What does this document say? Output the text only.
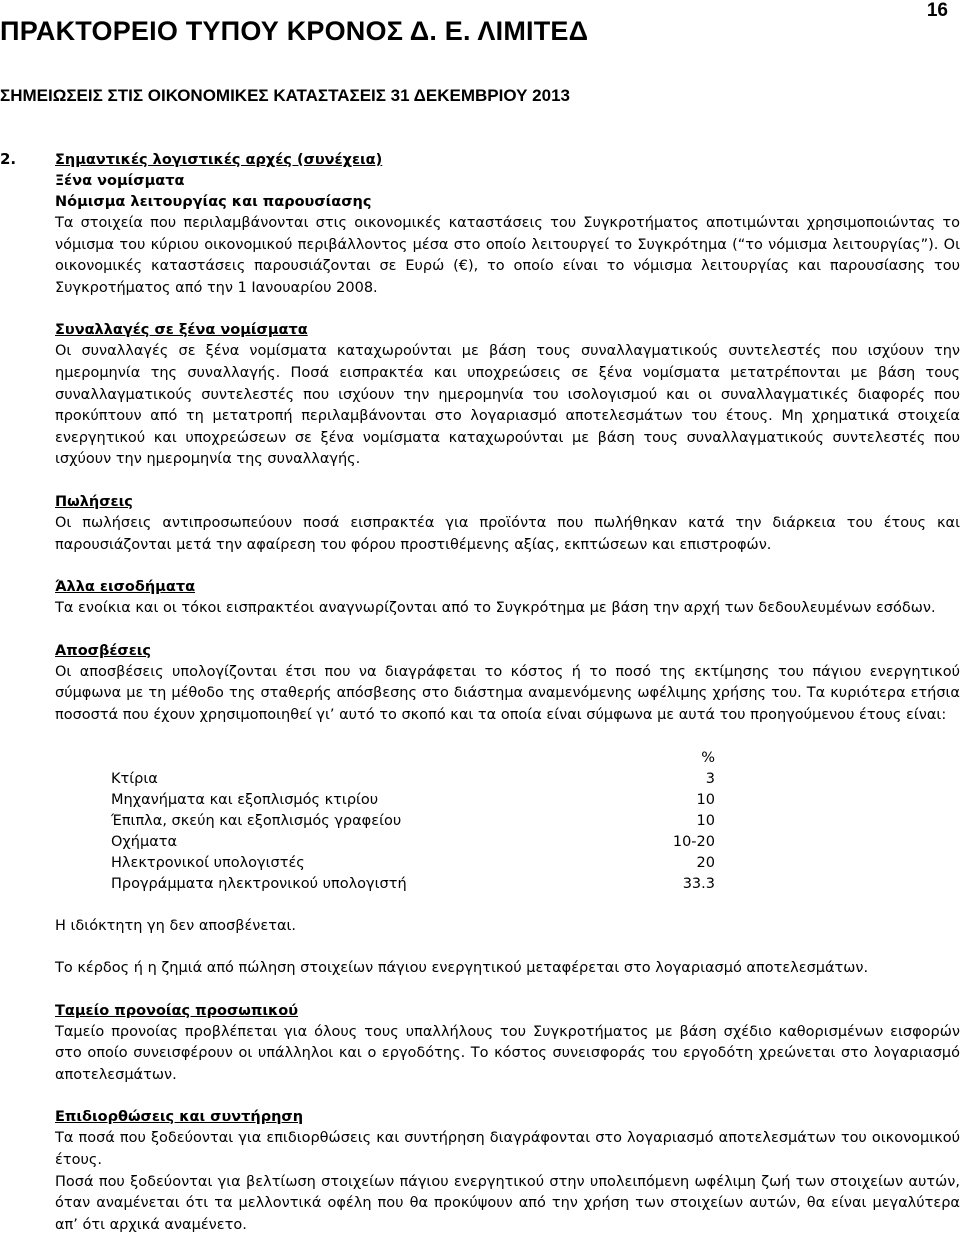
ΠΡΑΚΤΟΡΕΙΟ ΤΥΠΟΥ ΚΡΟΝΟΣ Δ. Ε. ΛΙΜΙΤΕΔ
16
ΣΗΜΕΙΩΣΕΙΣ ΣΤΙΣ ΟΙΚΟΝΟΜΙΚΕΣ ΚΑΤΑΣΤΑΣΕΙΣ 31 ΔΕΚΕΜΒΡΙΟΥ 2013
2.	Σημαντικές λογιστικές αρχές (συνέχεια)
Ξένα νομίσματα
Νόμισμα λειτουργίας και παρουσίασης

Τα στοιχεία που περιλαμβάνονται στις οικονομικές καταστάσεις του Συγκροτήματος αποτιμώνται χρησιμοποιώντας το νόμισμα του κύριου οικονομικού περιβάλλοντος μέσα στο οποίο λειτουργεί το Συγκρότημα (“το νόμισμα λειτουργίας”). Οι οικονομικές καταστάσεις παρουσιάζονται σε Ευρώ (€), το οποίο είναι το νόμισμα λειτουργίας και παρουσίασης του Συγκροτήματος από την 1 Ιανουαρίου 2008.

Συναλλαγές σε ξένα νομίσματα

Οι συναλλαγές σε ξένα νομίσματα καταχωρούνται με βάση τους συναλλαγματικούς συντελεστές που ισχύουν την ημερομηνία της συναλλαγής. Ποσά εισπρακτέα και υποχρεώσεις σε ξένα νομίσματα μετατρέπονται με βάση τους συναλλαγματικούς συντελεστές που ισχύουν την ημερομηνία του ισολογισμού και οι συναλλαγματικές διαφορές που προκύπτουν από τη μετατροπή περιλαμβάνονται στο λογαριασμό αποτελεσμάτων του έτους. Μη χρηματικά στοιχεία ενεργητικού και υποχρεώσεων σε ξένα νομίσματα καταχωρούνται με βάση τους συναλλαγματικούς συντελεστές που ισχύουν την ημερομηνία της συναλλαγής.

Πωλήσεις

Οι πωλήσεις αντιπροσωπεύουν ποσά εισπρακτέα για προϊόντα που πωλήθηκαν κατά την διάρκεια του έτους και παρουσιάζονται μετά την αφαίρεση του φόρου προστιθέμενης αξίας, εκπτώσεων και επιστροφών.

Άλλα εισοδήματα

Τα ενοίκια και οι τόκοι εισπρακτέοι αναγνωρίζονται από το Συγκρότημα με βάση την αρχή των δεδουλευμένων εσόδων.

Αποσβέσεις

Οι αποσβέσεις υπολογίζονται έτσι που να διαγράφεται το κόστος ή το ποσό της εκτίμησης του πάγιου ενεργητικού σύμφωνα με τη μέθοδο της σταθερής απόσβεσης στο διάστημα αναμενόμενης ωφέλιμης χρήσης του. Τα κυριότερα ετήσια ποσοστά που έχουν χρησιμοποιηθεί γι’ αυτό το σκοπό και τα οποία είναι σύμφωνα με αυτά του προηγούμενου έτους είναι:

%
Κτίρια	3
Μηχανήματα και εξοπλισμός κτιρίου	10
Έπιπλα, σκεύη και εξοπλισμός γραφείου	10
Οχήματα	10-20
Ηλεκτρονικοί υπολογιστές	20
Προγράμματα ηλεκτρονικού υπολογιστή	33.3

Η ιδιόκτητη γη δεν αποσβένεται.

Το κέρδος ή η ζημιά από πώληση στοιχείων πάγιου ενεργητικού μεταφέρεται στο λογαριασμό αποτελεσμάτων.

Ταμείο προνοίας προσωπικού

Ταμείο προνοίας προβλέπεται για όλους τους υπαλλήλους του Συγκροτήματος με βάση σχέδιο καθορισμένων εισφορών στο οποίο συνεισφέρουν οι υπάλληλοι και ο εργοδότης. Το κόστος συνεισφοράς του εργοδότη χρεώνεται στο λογαριασμό αποτελεσμάτων.

Επιδιορθώσεις και συντήρηση

Τα ποσά που ξοδεύονται για επιδιορθώσεις και συντήρηση διαγράφονται στο λογαριασμό αποτελεσμάτων του οικονομικού έτους.

Ποσά που ξοδεύονται για βελτίωση στοιχείων πάγιου ενεργητικού στην υπολειπόμενη ωφέλιμη ζωή των στοιχείων αυτών, όταν αναμένεται ότι τα μελλοντικά οφέλη που θα προκύψουν από την χρήση των στοιχείων αυτών, θα είναι μεγαλύτερα απ’ ότι αρχικά αναμένετο.
